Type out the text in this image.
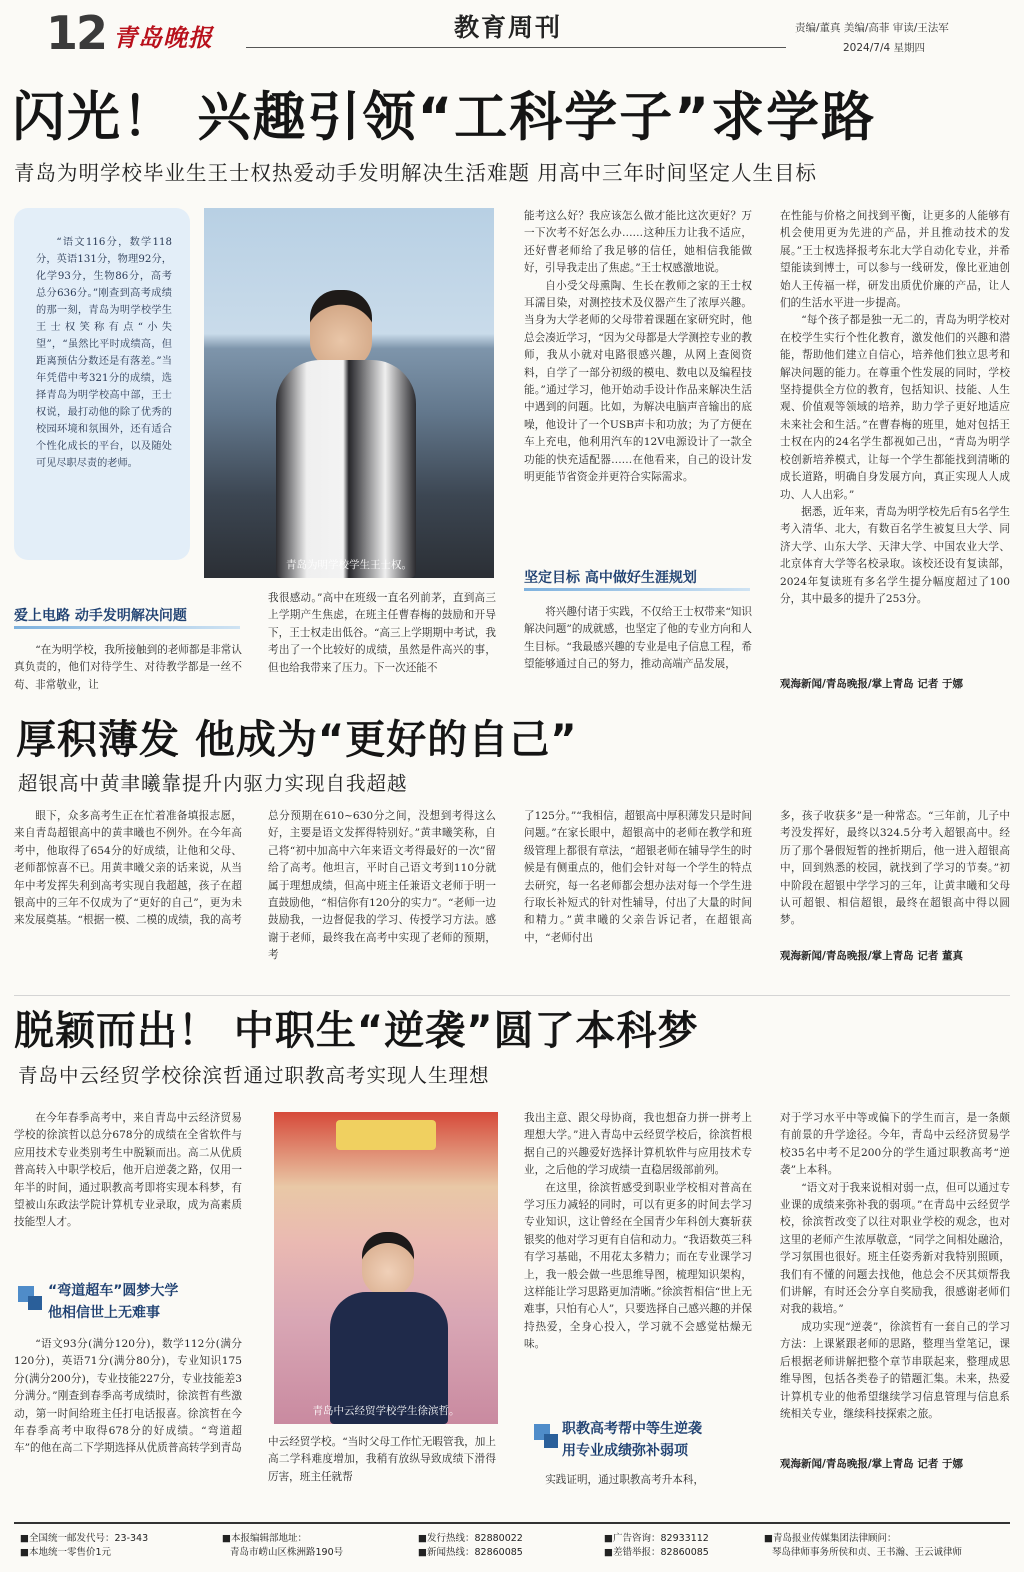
12 青岛晚报	教育周刊	责编/董真 美编/高菲 审读/王法军
2024/7/4 星期四
闪光！ 兴趣引领“工科学子”求学路
青岛为明学校毕业生王士权热爱动手发明解决生活难题 用高中三年时间坚定人生目标

“语文116分，数学118分，英语131分，物理92分，化学93分，生物86分，高考总分636分。”刚查到高考成绩的那一刻，青岛为明学校学生王士权笑称有点“小失望”，“虽然比平时成绩高，但距离预估分数还是有落差。”当年凭借中考321分的成绩，选择青岛为明学校高中部，王士权说，最打动他的除了优秀的校园环境和氛围外，还有适合个性化成长的平台，以及随处可见尽职尽责的老师。

青岛为明学校学生王士权。
爱上电路 动手发明解决问题

“在为明学校，我所接触到的老师都是非常认真负责的，他们对待学生、对待教学都是一丝不苟、非常敬业，让

我很感动。”高中在班级一直名列前茅，直到高三上学期产生焦虑，在班主任曹春梅的鼓励和开导下，王士权走出低谷。“高三上学期期中考试，我考出了一个比较好的成绩，虽然是件高兴的事，但也给我带来了压力。下一次还能不

能考这么好？我应该怎么做才能比这次更好？万一下次考不好怎么办……这种压力让我不适应，还好曹老师给了我足够的信任，她相信我能做好，引导我走出了焦虑。”王士权感激地说。

自小受父母熏陶、生长在教师之家的王士权耳濡目染，对测控技术及仪器产生了浓厚兴趣。当身为大学老师的父母带着课题在家研究时，他总会凑近学习，“因为父母都是大学测控专业的教师，我从小就对电路很感兴趣，从网上查阅资料，自学了一部分初级的模电、数电以及编程技能。”通过学习，他开始动手设计作品来解决生活中遇到的问题。比如，为解决电脑声音输出的底噪，他设计了一个USB声卡和功放；为了方便在车上充电，他利用汽车的12V电源设计了一款全功能的快充适配器……在他看来，自己的设计发明更能节省资金并更符合实际需求。

坚定目标 高中做好生涯规划

将兴趣付诸于实践，不仅给王士权带来“知识解决问题”的成就感，也坚定了他的专业方向和人生目标。“我最感兴趣的专业是电子信息工程，希望能够通过自己的努力，推动高端产品发展，

在性能与价格之间找到平衡，让更多的人能够有机会使用更为先进的产品，并且推动技术的发展。”王士权选择报考东北大学自动化专业，并希望能读到博士，可以参与一线研发，像比亚迪创始人王传福一样，研发出质优价廉的产品，让人们的生活水平进一步提高。

“每个孩子都是独一无二的，青岛为明学校对在校学生实行个性化教育，激发他们的兴趣和潜能，帮助他们建立自信心，培养他们独立思考和解决问题的能力。在尊重个性发展的同时，学校坚持提供全方位的教育，包括知识、技能、人生观、价值观等领域的培养，助力学子更好地适应未来社会和生活。”在曹春梅的班里，她对包括王士权在内的24名学生都视如己出，“青岛为明学校创新培养模式，让每一个学生都能找到清晰的成长道路，明确自身发展方向，真正实现人人成功、人人出彩。”

据悉，近年来，青岛为明学校先后有5名学生考入清华、北大，有数百名学生被复旦大学、同济大学、山东大学、天津大学、中国农业大学、北京体育大学等名校录取。该校还设有复读部，2024年复读班有多名学生提分幅度超过了100分，其中最多的提升了253分。

观海新闻/青岛晚报/掌上青岛 记者 于娜
厚积薄发 他成为“更好的自己”
超银高中黄聿曦靠提升内驱力实现自我超越

眼下，众多高考生正在忙着准备填报志愿，来自青岛超银高中的黄聿曦也不例外。在今年高考中，他取得了654分的好成绩，让他和父母、老师都惊喜不已。用黄聿曦父亲的话来说，从当年中考发挥失利到高考实现自我超越，孩子在超银高中的三年不仅成为了“更好的自己”，更为未来发展奠基。“根据一模、二模的成绩，我的高考

总分预期在610~630分之间，没想到考得这么好，主要是语文发挥得特别好。”黄聿曦笑称，自己将“初中加高中六年来语文考得最好的一次”留给了高考。他坦言，平时自己语文考到110分就属于理想成绩，但高中班主任兼语文老师于明一直鼓励他，“相信你有120分的实力”。“老师一边鼓励我，一边督促我的学习、传授学习方法。感谢于老师，最终我在高考中实现了老师的预期，考

了125分。”“我相信，超银高中厚积薄发只是时间问题。”在家长眼中，超银高中的老师在教学和班级管理上都很有章法，“超银老师在辅导学生的时候是有侧重点的，他们会针对每一个学生的特点去研究，每一名老师都会想办法对每一个学生进行取长补短式的针对性辅导，付出了大量的时间和精力。”黄聿曦的父亲告诉记者，在超银高中，“老师付出

多，孩子收获多”是一种常态。“三年前，儿子中考没发挥好，最终以324.5分考入超银高中。经历了那个暑假短暂的挫折期后，他一进入超银高中，回到熟悉的校园，就找到了学习的节奏。”初中阶段在超银中学学习的三年，让黄聿曦和父母认可超银、相信超银，最终在超银高中得以圆梦。

观海新闻/青岛晚报/掌上青岛 记者 董真
脱颖而出！ 中职生“逆袭”圆了本科梦
青岛中云经贸学校徐滨哲通过职教高考实现人生理想

在今年春季高考中，来自青岛中云经济贸易学校的徐滨哲以总分678分的成绩在全省软件与应用技术专业类别考生中脱颖而出。高二从优质普高转入中职学校后，他开启逆袭之路，仅用一年半的时间，通过职教高考即将实现本科梦，有望被山东政法学院计算机专业录取，成为高素质技能型人才。

“弯道超车”圆梦大学
他相信世上无难事

“语文93分(满分120分)，数学112分(满分120分)，英语71分(满分80分)，专业知识175分(满分200分)，专业技能227分，专业技能差3分满分。”刚查到春季高考成绩时，徐滨哲有些激动，第一时间给班主任打电话报喜。徐滨哲在今年春季高考中取得678分的好成绩。“弯道超车”的他在高二下学期选择从优质普高转学到青岛

青岛中云经贸学校学生徐滨哲。

中云经贸学校。“当时父母工作忙无暇管我，加上高二学科难度增加，我稍有放纵导致成绩下滑得厉害，班主任就帮

我出主意、跟父母协商，我也想奋力拼一拼考上理想大学。”进入青岛中云经贸学校后，徐滨哲根据自己的兴趣爱好选择计算机软件与应用技术专业，之后他的学习成绩一直稳居级部前列。

在这里，徐滨哲感受到职业学校相对普高在学习压力减轻的同时，可以有更多的时间去学习专业知识，这让曾经在全国青少年科创大赛斩获银奖的他对学习更有自信和动力。“我语数英三科有学习基础，不用花太多精力；而在专业课学习上，我一般会做一些思维导图，梳理知识架构，这样能让学习思路更加清晰。”徐滨哲相信“世上无难事，只怕有心人”，只要选择自己感兴趣的并保持热爱，全身心投入，学习就不会感觉枯燥无味。

职教高考帮中等生逆袭
用专业成绩弥补弱项

实践证明，通过职教高考升本科，

对于学习水平中等或偏下的学生而言，是一条颇有前景的升学途径。今年，青岛中云经济贸易学校35名中考不足200分的学生通过职教高考“逆袭”上本科。

“语文对于我来说相对弱一点，但可以通过专业课的成绩来弥补我的弱项。”在青岛中云经贸学校，徐滨哲改变了以往对职业学校的观念，也对这里的老师产生浓厚敬意，“同学之间相处融洽，学习氛围也很好。班主任姿秀新对我特别照顾，我们有不懂的问题去找他，他总会不厌其烦帮我们讲解，有时还会分享自奖励我，很感谢老师们对我的栽培。”

成功实现“逆袭”，徐滨哲有一套自己的学习方法：上课紧跟老师的思路，整理当堂笔记，课后根据老师讲解把整个章节串联起来，整理成思维导图，包括各类卷子的错题汇集。未来，热爱计算机专业的他希望继续学习信息管理与信息系统相关专业，继续科技探索之旅。

观海新闻/青岛晚报/掌上青岛 记者 于娜
■全国统一邮发代号：23-343
■本地统一零售价1元
■本报编辑部地址：
青岛市崂山区株洲路190号
■发行热线：82880022
■新闻热线：82860085
■广告咨询：82933112
■差错举报：82860085
■青岛报业传媒集团法律顾问：
琴岛律师事务所侯和贞、王书瀚、王云诚律师
